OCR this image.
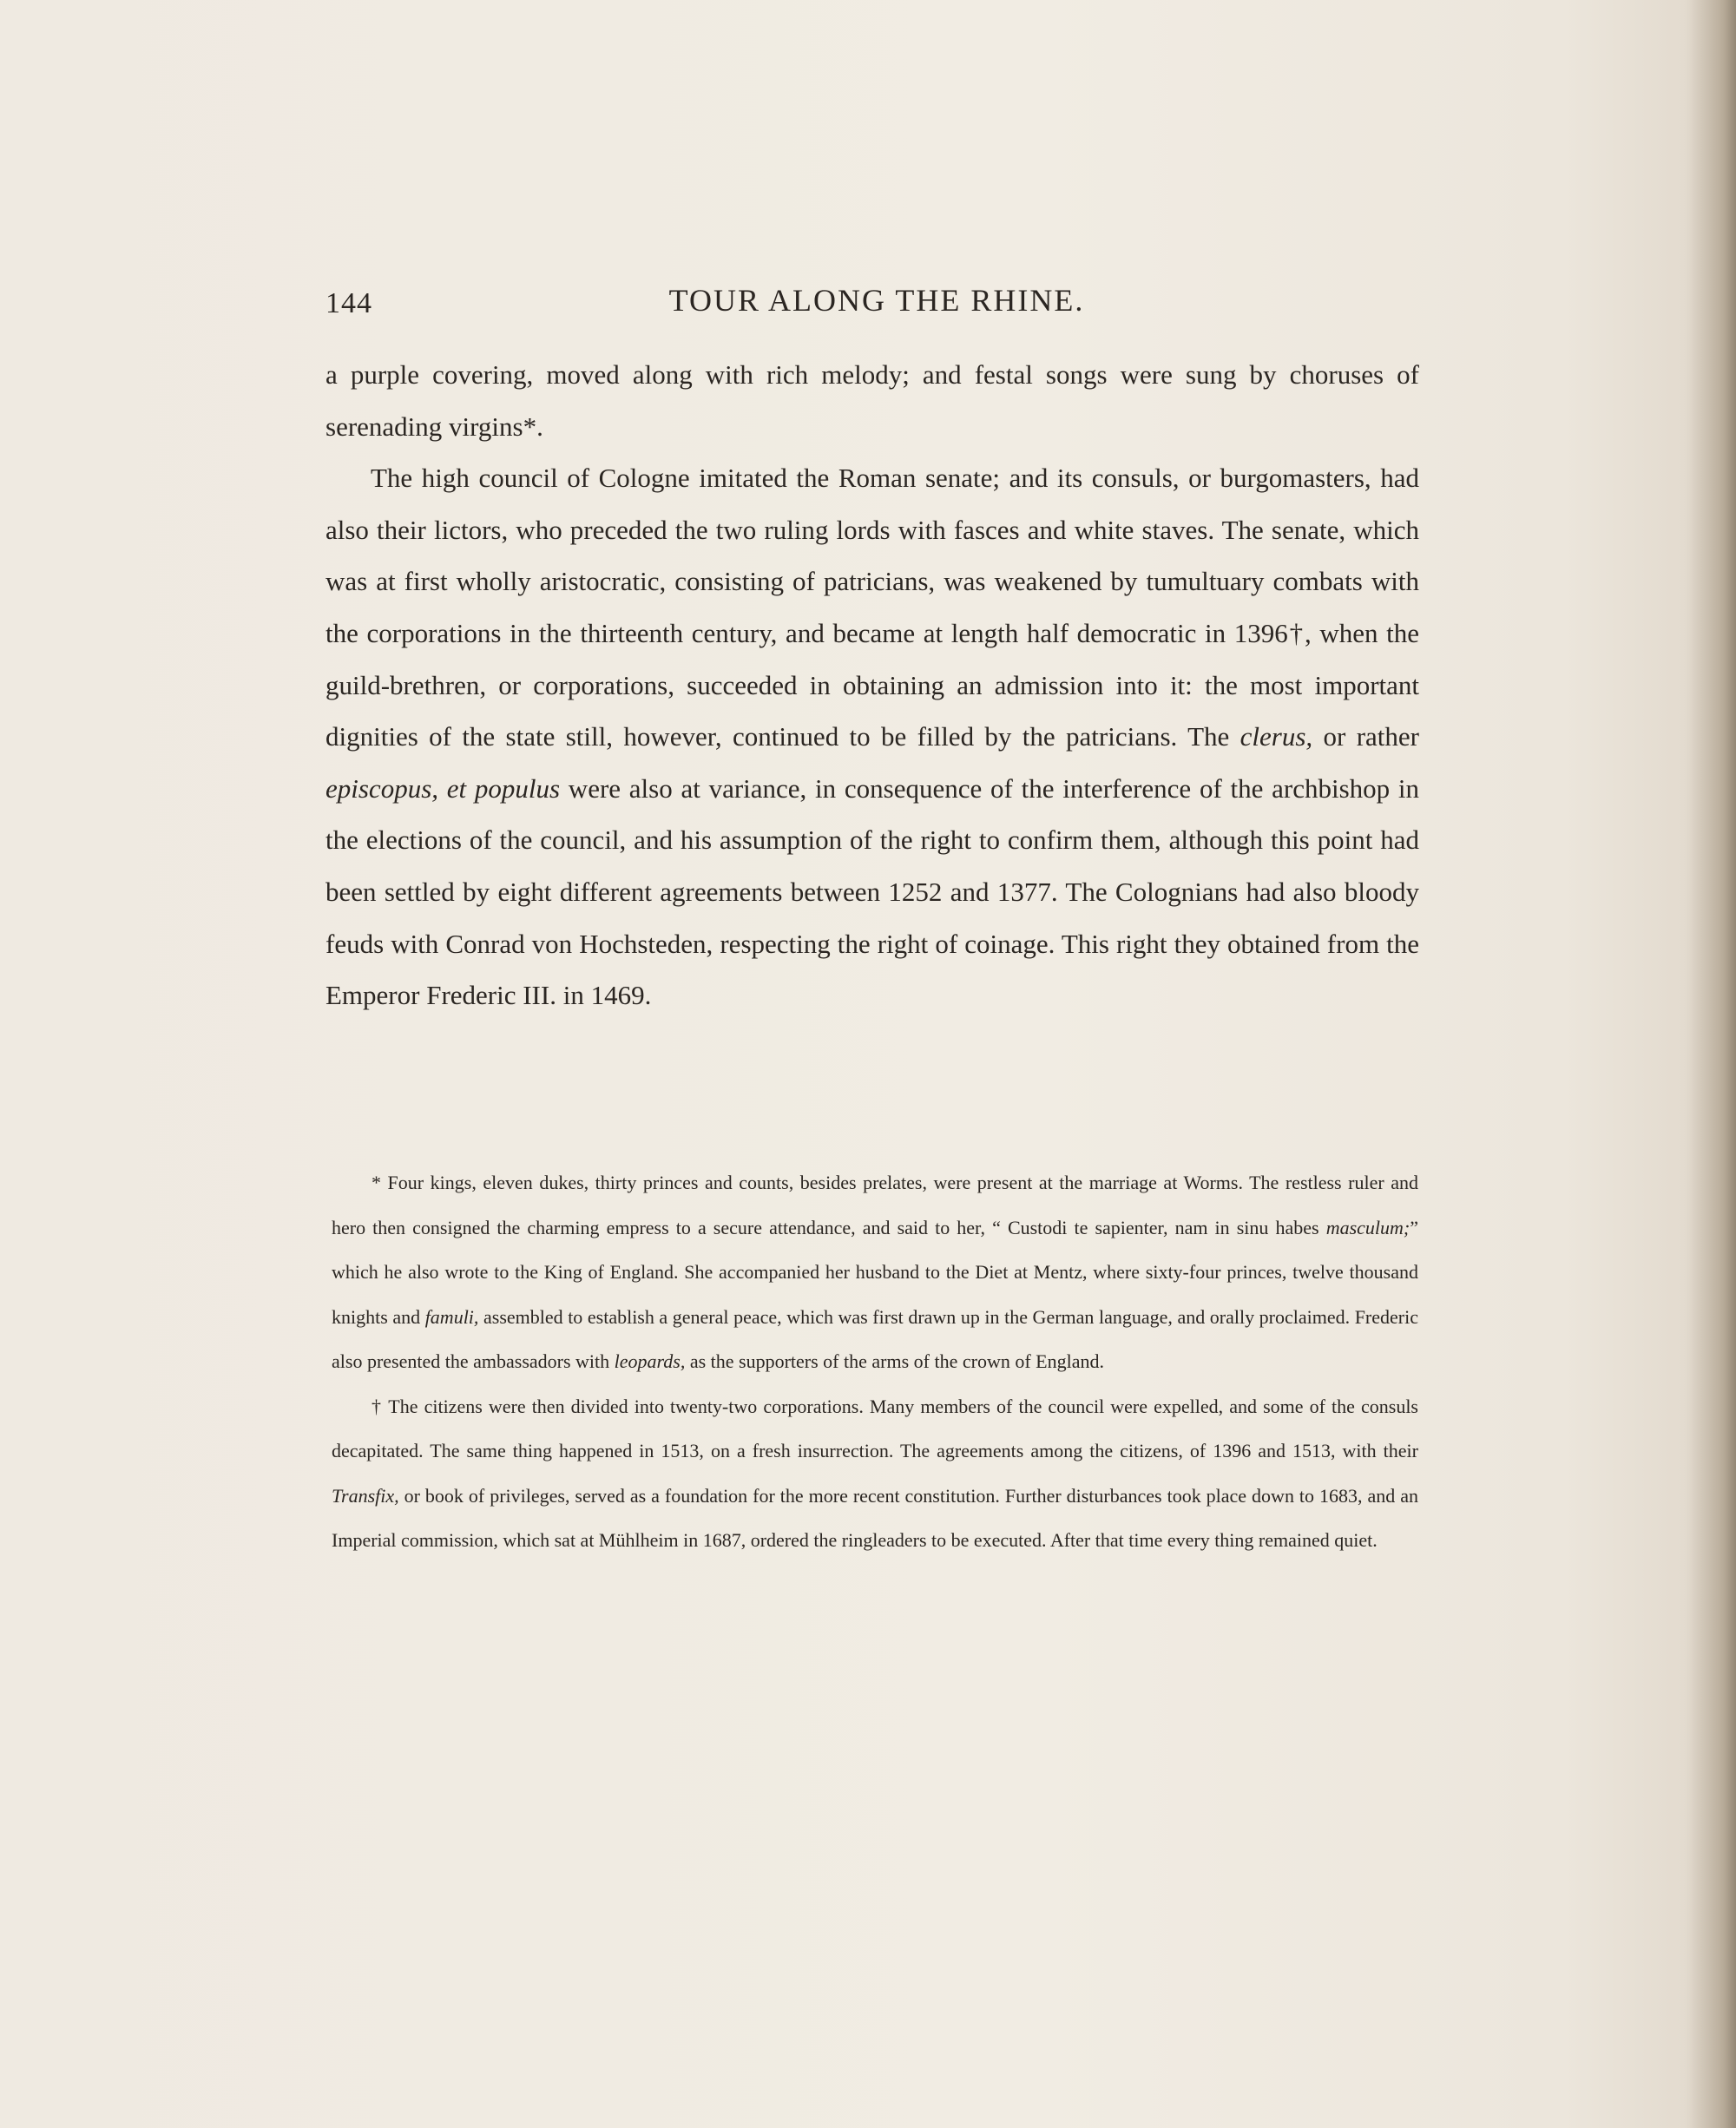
144	TOUR ALONG THE RHINE.

a purple covering, moved along with rich melody; and festal songs were sung by choruses of serenading virgins*.

The high council of Cologne imitated the Roman senate; and its consuls, or burgomasters, had also their lictors, who preceded the two ruling lords with fasces and white staves. The senate, which was at first wholly aristocratic, consisting of patricians, was weakened by tumultuary combats with the corporations in the thirteenth century, and became at length half democratic in 1396†, when the guild-brethren, or corporations, succeeded in obtaining an admission into it: the most important dignities of the state still, however, continued to be filled by the patricians. The clerus, or rather episcopus, et populus were also at variance, in consequence of the interference of the archbishop in the elections of the council, and his assumption of the right to confirm them, although this point had been settled by eight different agreements between 1252 and 1377. The Colognians had also bloody feuds with Conrad von Hochsteden, respecting the right of coinage. This right they obtained from the Emperor Frederic III. in 1469.

* Four kings, eleven dukes, thirty princes and counts, besides prelates, were present at the marriage at Worms. The restless ruler and hero then consigned the charming empress to a secure attendance, and said to her, “ Custodi te sapienter, nam in sinu habes masculum;” which he also wrote to the King of England. She accompanied her husband to the Diet at Mentz, where sixty-four princes, twelve thousand knights and famuli, assembled to establish a general peace, which was first drawn up in the German language, and orally proclaimed. Frederic also presented the ambassadors with leopards, as the supporters of the arms of the crown of England.

† The citizens were then divided into twenty-two corporations. Many members of the council were expelled, and some of the consuls decapitated. The same thing happened in 1513, on a fresh insurrection. The agreements among the citizens, of 1396 and 1513, with their Transfix, or book of privileges, served as a foundation for the more recent constitution. Further disturbances took place down to 1683, and an Imperial commission, which sat at Mühlheim in 1687, ordered the ringleaders to be executed. After that time every thing remained quiet.
